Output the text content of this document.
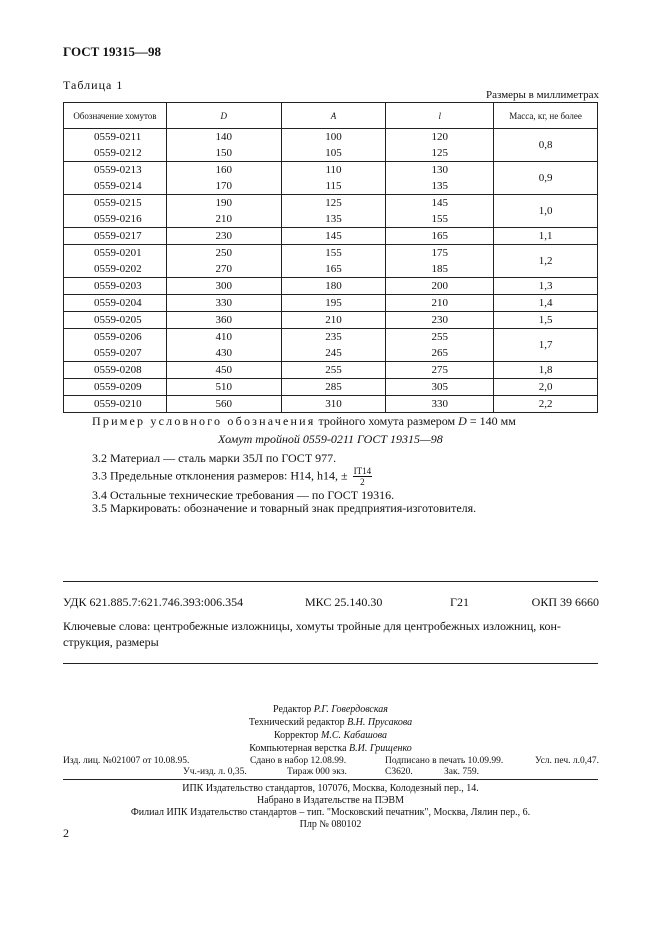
ГОСТ 19315—98
Таблица 1
Размеры в миллиметрах
Обозначение хомутов	D	A	l	Масса, кг, не более
0559-0211	140	100	120	0,8
0559-0212	150	105	125	
0559-0213	160	110	130	0,9
0559-0214	170	115	135	
0559-0215	190	125	145	1,0
0559-0216	210	135	155	
0559-0217	230	145	165	1,1
0559-0201	250	155	175	1,2
0559-0202	270	165	185	
0559-0203	300	180	200	1,3
0559-0204	330	195	210	1,4
0559-0205	360	210	230	1,5
0559-0206	410	235	255	1,7
0559-0207	430	245	265	
0559-0208	450	255	275	1,8
0559-0209	510	285	305	2,0
0559-0210	560	310	330	2,2
Пример условного обозначения тройного хомута размером D = 140 мм
Хомут тройной 0559-0211 ГОСТ 19315—98
3.2 Материал — сталь марки 35Л по ГОСТ 977.
3.3 Предельные отклонения размеров: H14, h14, ± $\frac{IT14}{2}$
3.4 Остальные технические требования — по ГОСТ 19316.
3.5 Маркировать: обозначение и товарный знак предприятия-изготовителя.
УДК 621.885.7:621.746.393:006.354	МКС 25.140.30	Г21	ОКП 39 6660

Ключевые слова: центробежные изложницы, хомуты тройные для центробежных изложниц, кон-

струкция, размеры

Редактор Р.Г. Говердовская
Технический редактор В.Н. Прусакова
Корректор М.С. Кабашова
Компьютерная верстка В.И. Грищенко
Изд. лиц. №021007 от 10.08.95.	Сдано в набор 12.08.99.	Подписано в печать 10.09.99.	Усл. печ. л.0,47.
Уч.-изд. л. 0,35.	Тираж 000 экз.	С3620.	Зак. 759.
ИПК Издательство стандартов, 107076, Москва, Колодезный пер., 14.
Набрано в Издательстве на ПЭВМ
Филиал ИПК Издательство стандартов – тип. "Московский печатник", Москва, Лялин пер., 6.
Плр № 080102
2
